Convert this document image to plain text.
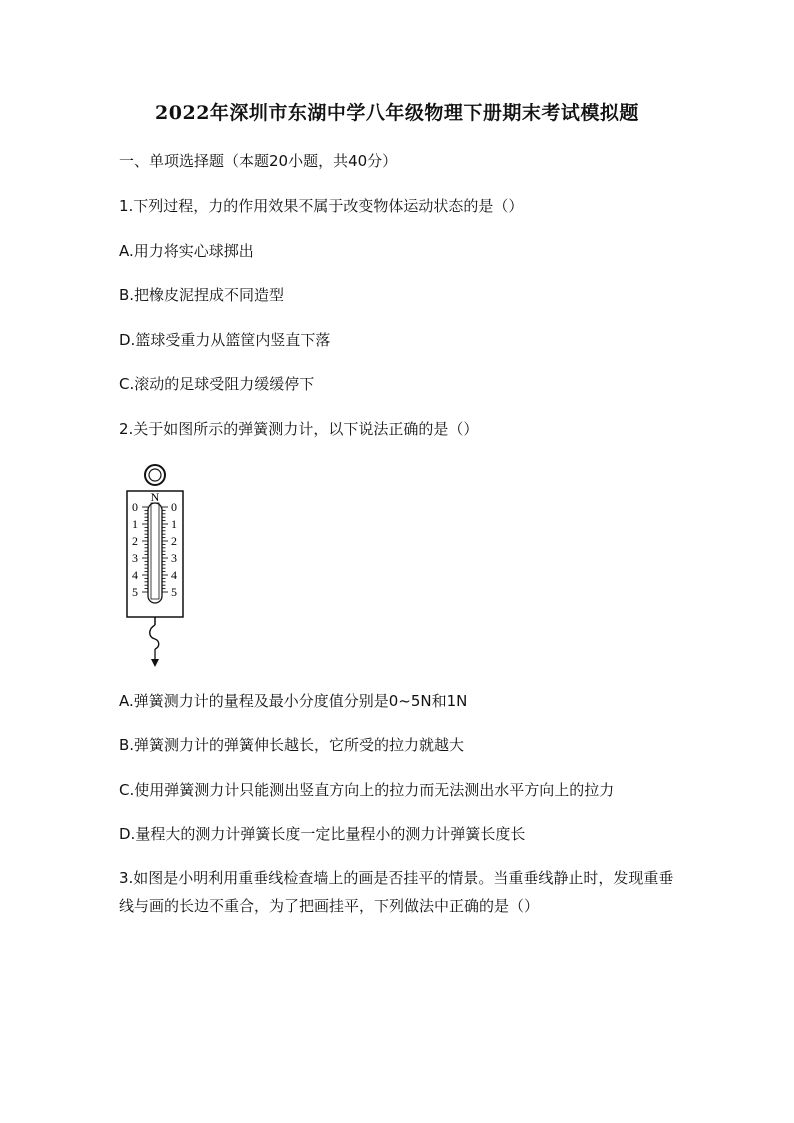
2022年深圳市东湖中学八年级物理下册期末考试模拟题
一、单项选择题（本题20小题，共40分）
1.下列过程，力的作用效果不属于改变物体运动状态的是（）
A.用力将实心球掷出
B.把橡皮泥捏成不同造型
D.篮球受重力从篮筐内竖直下落
C.滚动的足球受阻力缓缓停下
2.关于如图所示的弹簧测力计，以下说法正确的是（）
N
0
1
2
3
4
5
0
1
2
3
4
5
A.弹簧测力计的量程及最小分度值分别是0~5N和1N
B.弹簧测力计的弹簧伸长越长，它所受的拉力就越大
C.使用弹簧测力计只能测出竖直方向上的拉力而无法测出水平方向上的拉力
D.量程大的测力计弹簧长度一定比量程小的测力计弹簧长度长
3.如图是小明利用重垂线检查墙上的画是否挂平的情景。当重垂线静止时，发现重垂线与画的长边不重合，为了把画挂平，下列做法中正确的是（）
